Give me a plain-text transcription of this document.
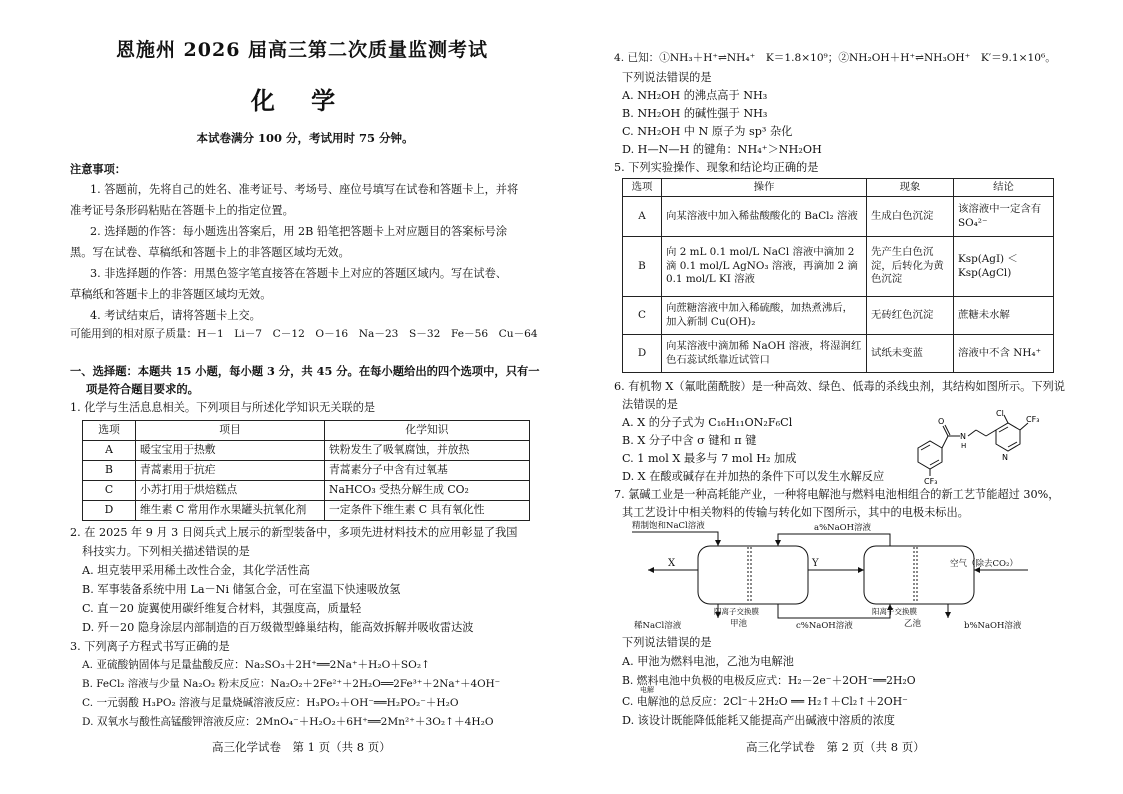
恩施州 2026 届高三第二次质量监测考试
化 学
本试卷满分 100 分，考试用时 75 分钟。
注意事项：
1. 答题前，先将自己的姓名、准考证号、考场号、座位号填写在试卷和答题卡上，并将
准考证号条形码粘贴在答题卡上的指定位置。
2. 选择题的作答：每小题选出答案后，用 2B 铅笔把答题卡上对应题目的答案标号涂
黑。写在试卷、草稿纸和答题卡上的非答题区域均无效。
3. 非选择题的作答：用黑色签字笔直接答在答题卡上对应的答题区域内。写在试卷、
草稿纸和答题卡上的非答题区域均无效。
4. 考试结束后，请将答题卡上交。
可能用到的相对原子质量：H－1　Li－7　C－12　O－16　Na－23　S－32　Fe－56　Cu－64
一、选择题：本题共 15 小题，每小题 3 分，共 45 分。在每小题给出的四个选项中，只有一
项是符合题目要求的。
1. 化学与生活息息相关。下列项目与所述化学知识无关联的是
选项	项目	化学知识
A	暖宝宝用于热敷	铁粉发生了吸氧腐蚀，并放热
B	青蒿素用于抗疟	青蒿素分子中含有过氧基
C	小苏打用于烘焙糕点	NaHCO₃ 受热分解生成 CO₂
D	维生素 C 常用作水果罐头抗氧化剂	一定条件下维生素 C 具有氧化性
2. 在 2025 年 9 月 3 日阅兵式上展示的新型装备中，多项先进材料技术的应用彰显了我国
科技实力。下列相关描述错误的是
A. 坦克装甲采用稀土改性合金，其化学活性高
B. 军事装备系统中用 La－Ni 储氢合金，可在室温下快速吸放氢
C. 直－20 旋翼使用碳纤维复合材料，其强度高，质量轻
D. 歼－20 隐身涂层内部制造的百万级微型蜂巢结构，能高效拆解并吸收雷达波
3. 下列离子方程式书写正确的是
A. 亚硫酸钠固体与足量盐酸反应：Na₂SO₃＋2H⁺══2Na⁺＋H₂O＋SO₂↑
B. FeCl₂ 溶液与少量 Na₂O₂ 粉末反应：Na₂O₂＋2Fe²⁺＋2H₂O══2Fe³⁺＋2Na⁺＋4OH⁻
C. 一元弱酸 H₃PO₂ 溶液与足量烧碱溶液反应：H₃PO₂＋OH⁻══H₂PO₂⁻＋H₂O
D. 双氧水与酸性高锰酸钾溶液反应：2MnO₄⁻＋H₂O₂＋6H⁺══2Mn²⁺＋3O₂↑＋4H₂O
高三化学试卷　第 1 页（共 8 页）
4. 已知：①NH₃＋H⁺⇌NH₄⁺　K＝1.8×10⁹；②NH₂OH＋H⁺⇌NH₃OH⁺　K′＝9.1×10⁶。
下列说法错误的是
A. NH₂OH 的沸点高于 NH₃
B. NH₂OH 的碱性强于 NH₃
C. NH₂OH 中 N 原子为 sp³ 杂化
D. H—N—H 的键角：NH₄⁺＞NH₂OH
5. 下列实验操作、现象和结论均正确的是
选项	操作	现象	结论
A	向某溶液中加入稀盐酸酸化的 BaCl₂ 溶液	生成白色沉淀	该溶液中一定含有 SO₄²⁻
B	向 2 mL 0.1 mol/L NaCl 溶液中滴加 2 滴 0.1 mol/L AgNO₃ 溶液，再滴加 2 滴 0.1 mol/L KI 溶液	先产生白色沉淀，后转化为黄色沉淀	Ksp(AgI) ＜Ksp(AgCl)
C	向蔗糖溶液中加入稀硫酸，加热煮沸后，加入新制 Cu(OH)₂	无砖红色沉淀	蔗糖未水解
D	向某溶液中滴加稀 NaOH 溶液，将湿润红色石蕊试纸靠近试管口	试纸未变蓝	溶液中不含 NH₄⁺
6. 有机物 X（氟吡菌酰胺）是一种高效、绿色、低毒的杀线虫剂，其结构如图所示。下列说
法错误的是
A. X 的分子式为 C₁₆H₁₁ON₂F₆Cl
B. X 分子中含 σ 键和 π 键
C. 1 mol X 最多与 7 mol H₂ 加成
D. X 在酸或碱存在并加热的条件下可以发生水解反应
Cl
CF₃
O
N
H
N
CF₃
7. 氯碱工业是一种高耗能产业，一种将电解池与燃料电池相组合的新工艺节能超过 30%，
其工艺设计中相关物料的传输与转化如下图所示，其中的电极未标出。
精制饱和NaCl溶液	a%NaOH溶液
X	Y	空气（除去CO₂）
阳离子交换膜	阳离子交换膜
甲池	乙池
稀NaCl溶液	c%NaOH溶液	b%NaOH溶液
下列说法错误的是
A. 甲池为燃料电池，乙池为电解池
B. 燃料电池中负极的电极反应式：H₂－2e⁻＋2OH⁻══2H₂O
电解
C. 电解池的总反应：2Cl⁻＋2H₂O ══ H₂↑＋Cl₂↑＋2OH⁻
D. 该设计既能降低能耗又能提高产出碱液中溶质的浓度
高三化学试卷　第 2 页（共 8 页）
